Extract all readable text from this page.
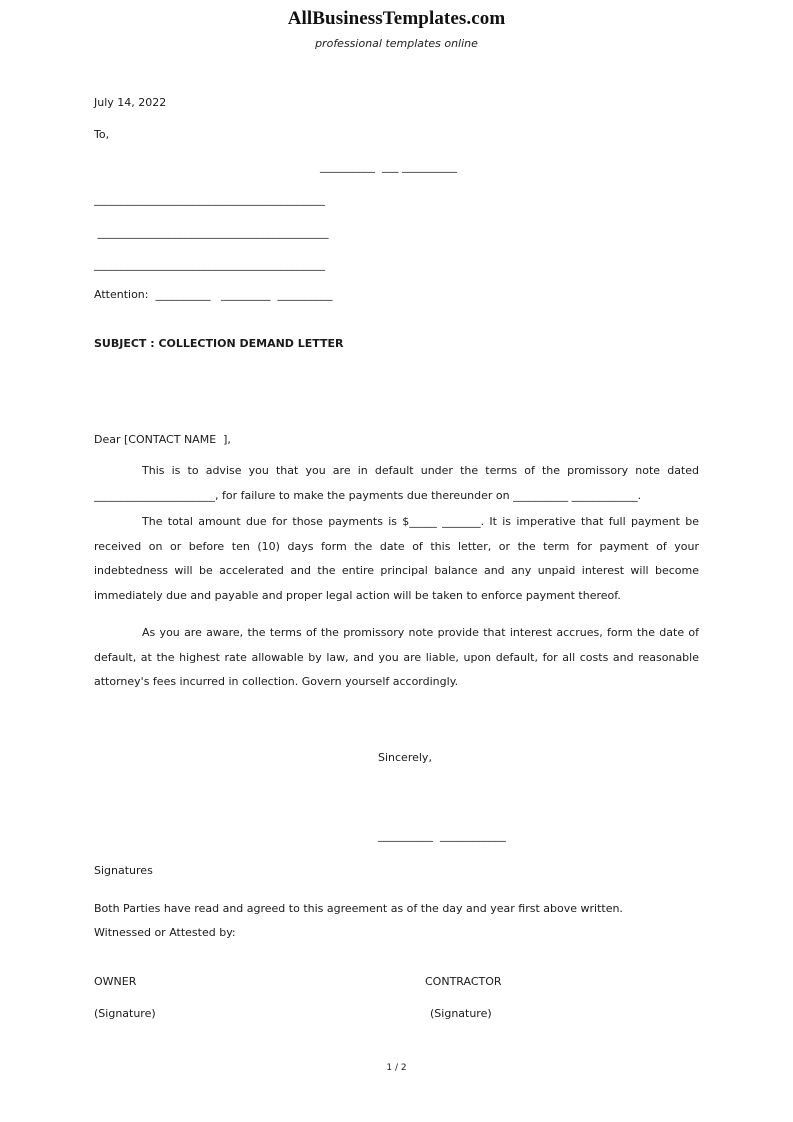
AllBusinessTemplates.com
professional templates online
July 14, 2022
To,
__________  ___ __________
__________________________________________
__________________________________________
__________________________________________
Attention:  __________   _________  __________
SUBJECT : COLLECTION DEMAND LETTER
Dear [CONTACT NAME  ],
This is to advise you that you are in default under the terms of the promissory note dated ______________________, for failure to make the payments due thereunder on __________ ____________.
The total amount due for those payments is $_____ _______. It is imperative that full payment be received on or before ten (10) days form the date of this letter, or the term for payment of your indebtedness will be accelerated and the entire principal balance and any unpaid interest will become immediately due and payable and proper legal action will be taken to enforce payment thereof.
As you are aware, the terms of the promissory note provide that interest accrues, form the date of default, at the highest rate allowable by law, and you are liable, upon default, for all costs and reasonable attorney's fees incurred in collection. Govern yourself accordingly.
Sincerely,
__________  ____________
Signatures
Both Parties have read and agreed to this agreement as of the day and year first above written.
Witnessed or Attested by:
OWNER	CONTRACTOR
(Signature)	(Signature)
1 / 2
